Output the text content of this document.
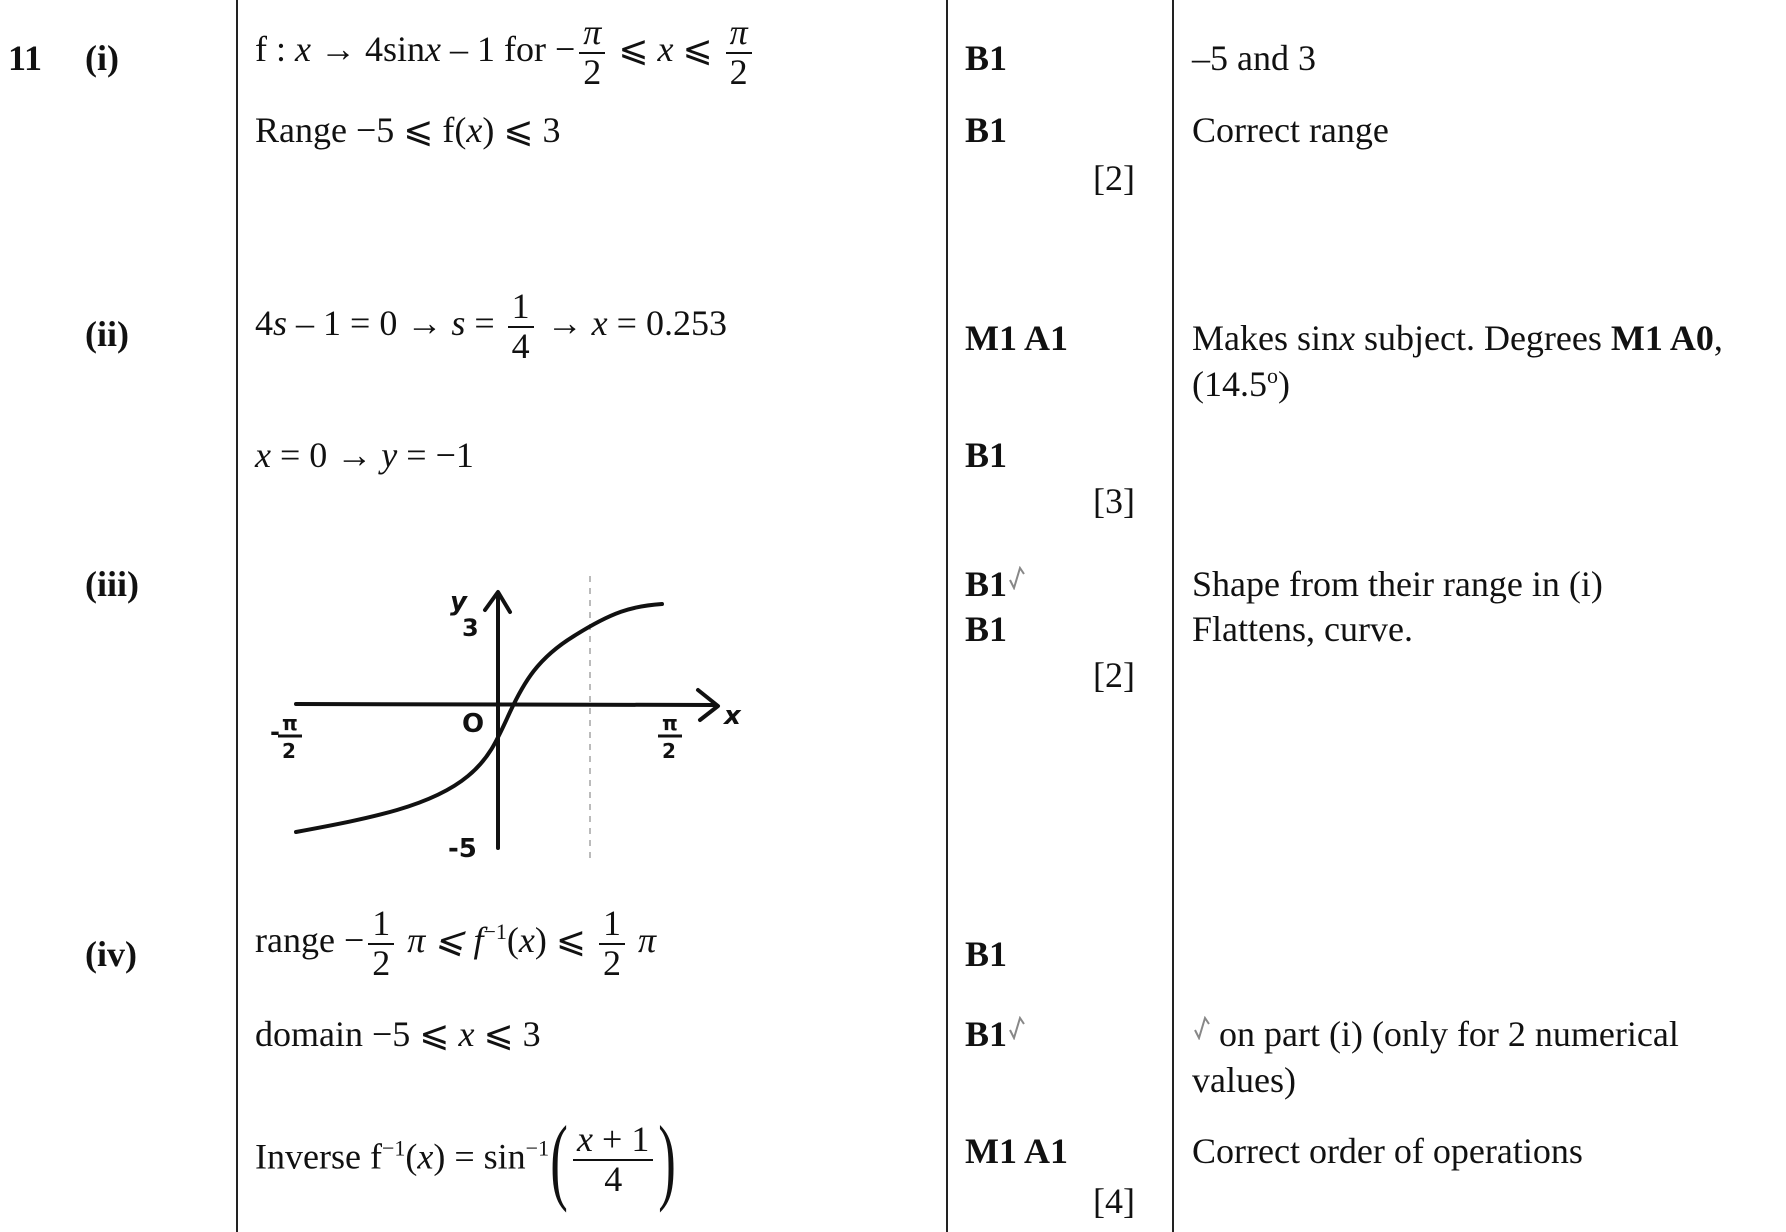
11 (i)
(ii)
(iii)
(iv)
f : x → 4sinx – 1 for − $\frac{\pi}{2}$ ⩽ x ⩽ $\frac{\pi}{2}$
Range −5 ⩽ f(x) ⩽ 3
$4s - 1 = 0 \to s = \frac{1}{4} \to x = 0.253$
x = 0 → y = −1
y
3
O	x
-5
- π
2
π
2
range − $\frac{1}{2}$ π ⩽ $f^{-1}(x)$ ⩽ $\frac{1}{2}$ π
domain −5 ⩽ x ⩽ 3
Inverse $f^{-1}(x) = \sin^{-1}( \frac{x + 1}{4}$ )
B1
B1
[2]
M1 A1
B1
[3]
B1
B1
[2]
B1
B1
M1 A1
[4]
–5 and 3
Correct range
Makes sinx subject. Degrees M1 A0,
(14.5$^o$)
Shape from their range in (i)
Flattens, curve.
on part (i) (only for 2 numerical
values)
Correct order of operations
